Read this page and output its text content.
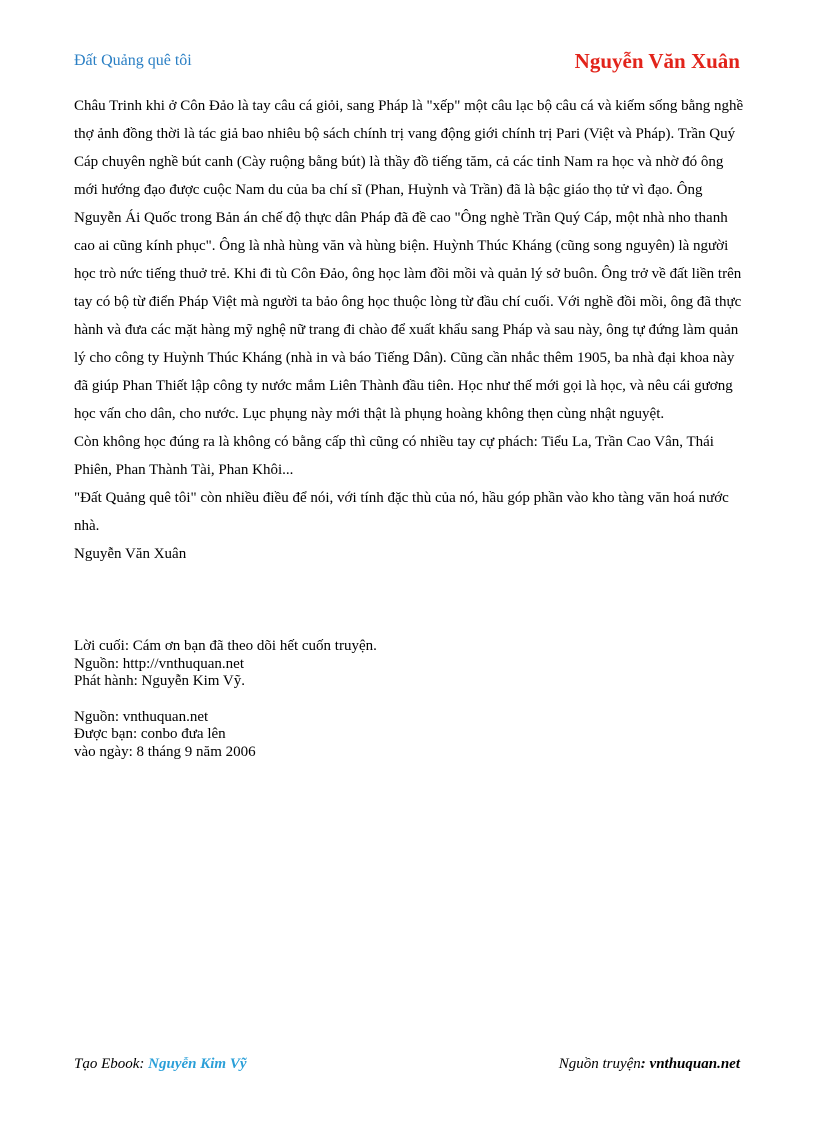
Đất Quảng quê tôi	Nguyễn Văn Xuân

Châu Trinh khi ở Côn Đảo là tay câu cá giỏi, sang Pháp là "xếp" một câu lạc bộ câu cá và kiếm sống bằng nghề thợ ảnh đồng thời là tác giả bao nhiêu bộ sách chính trị vang động giới chính trị Pari (Việt và Pháp). Trần Quý Cáp chuyên nghề bút canh (Cày ruộng bằng bút) là thầy đồ tiếng tăm, cả các tỉnh Nam ra học và nhờ đó ông mới hướng đạo được cuộc Nam du của ba chí sĩ (Phan, Huỳnh và Trần) đã là bậc giáo thọ tử vì đạo. Ông Nguyễn Ái Quốc trong Bản án chế độ thực dân Pháp đã đề cao "Ông nghè Trần Quý Cáp, một nhà nho thanh cao ai cũng kính phục". Ông là nhà hùng văn và hùng biện. Huỳnh Thúc Kháng (cũng song nguyên) là người học trò nức tiếng thuở trẻ. Khi đi tù Côn Đảo, ông học làm đồi mồi và quản lý sở buôn. Ông trở về đất liền trên tay có bộ từ điển Pháp Việt mà người ta bảo ông học thuộc lòng từ đầu chí cuối. Với nghề đồi mồi, ông đã thực hành và đưa các mặt hàng mỹ nghệ nữ trang đi chào để xuất khẩu sang Pháp và sau này, ông tự đứng làm quản lý cho công ty Huỳnh Thúc Kháng (nhà in và báo Tiếng Dân). Cũng cần nhắc thêm 1905, ba nhà đại khoa này đã giúp Phan Thiết lập công ty nước mắm Liên Thành đầu tiên. Học như thế mới gọi là học, và nêu cái gương học vấn cho dân, cho nước. Lục phụng này mới thật là phụng hoàng không thẹn cùng nhật nguyệt.

Còn không học đúng ra là không có bằng cấp thì cũng có nhiều tay cự phách: Tiểu La, Trần Cao Vân, Thái Phiên, Phan Thành Tài, Phan Khôi...

"Đất Quảng quê tôi" còn nhiều điều để nói, với tính đặc thù của nó, hầu góp phần vào kho tàng văn hoá nước nhà.

Nguyễn Văn Xuân

Lời cuối: Cám ơn bạn đã theo dõi hết cuốn truyện.
Nguồn: http://vnthuquan.net
Phát hành: Nguyễn Kim Vỹ.
Nguồn: vnthuquan.net
Được bạn: conbo đưa lên
vào ngày: 8 tháng 9 năm 2006
Tạo Ebook: Nguyễn Kim Vỹ	Nguồn truyện: vnthuquan.net
